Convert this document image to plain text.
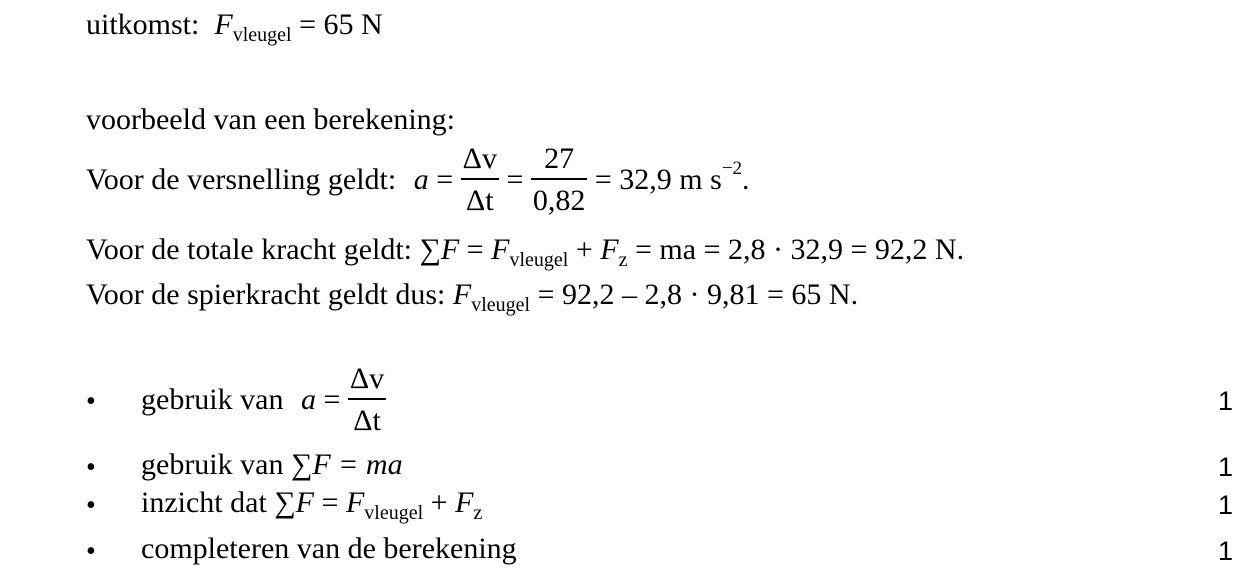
uitkomst: $F_{vleugel} = 65$ N
voorbeeld van een berekening:
Voor de versnelling geldt: $a = \frac{\Delta v}{\Delta t} = \frac{27}{0,82} = 32,9$ m $s^{-2}$.
Voor de totale kracht geldt: $\sum F = F_{vleugel} + F_z$ = ma = 2,8 · 32,9 = 92,2 N.
Voor de spierkracht geldt dus: $F_{vleugel} = 92,2 - 2,8 \cdot 9,81 = 65$ N.
• gebruik van $a = \frac{\Delta v}{\Delta t}$	1
• gebruik van ∑F = ma	1
• inzicht dat $\sum F = F_{vleugel} + F_z$	1
• completeren van de berekening	1
